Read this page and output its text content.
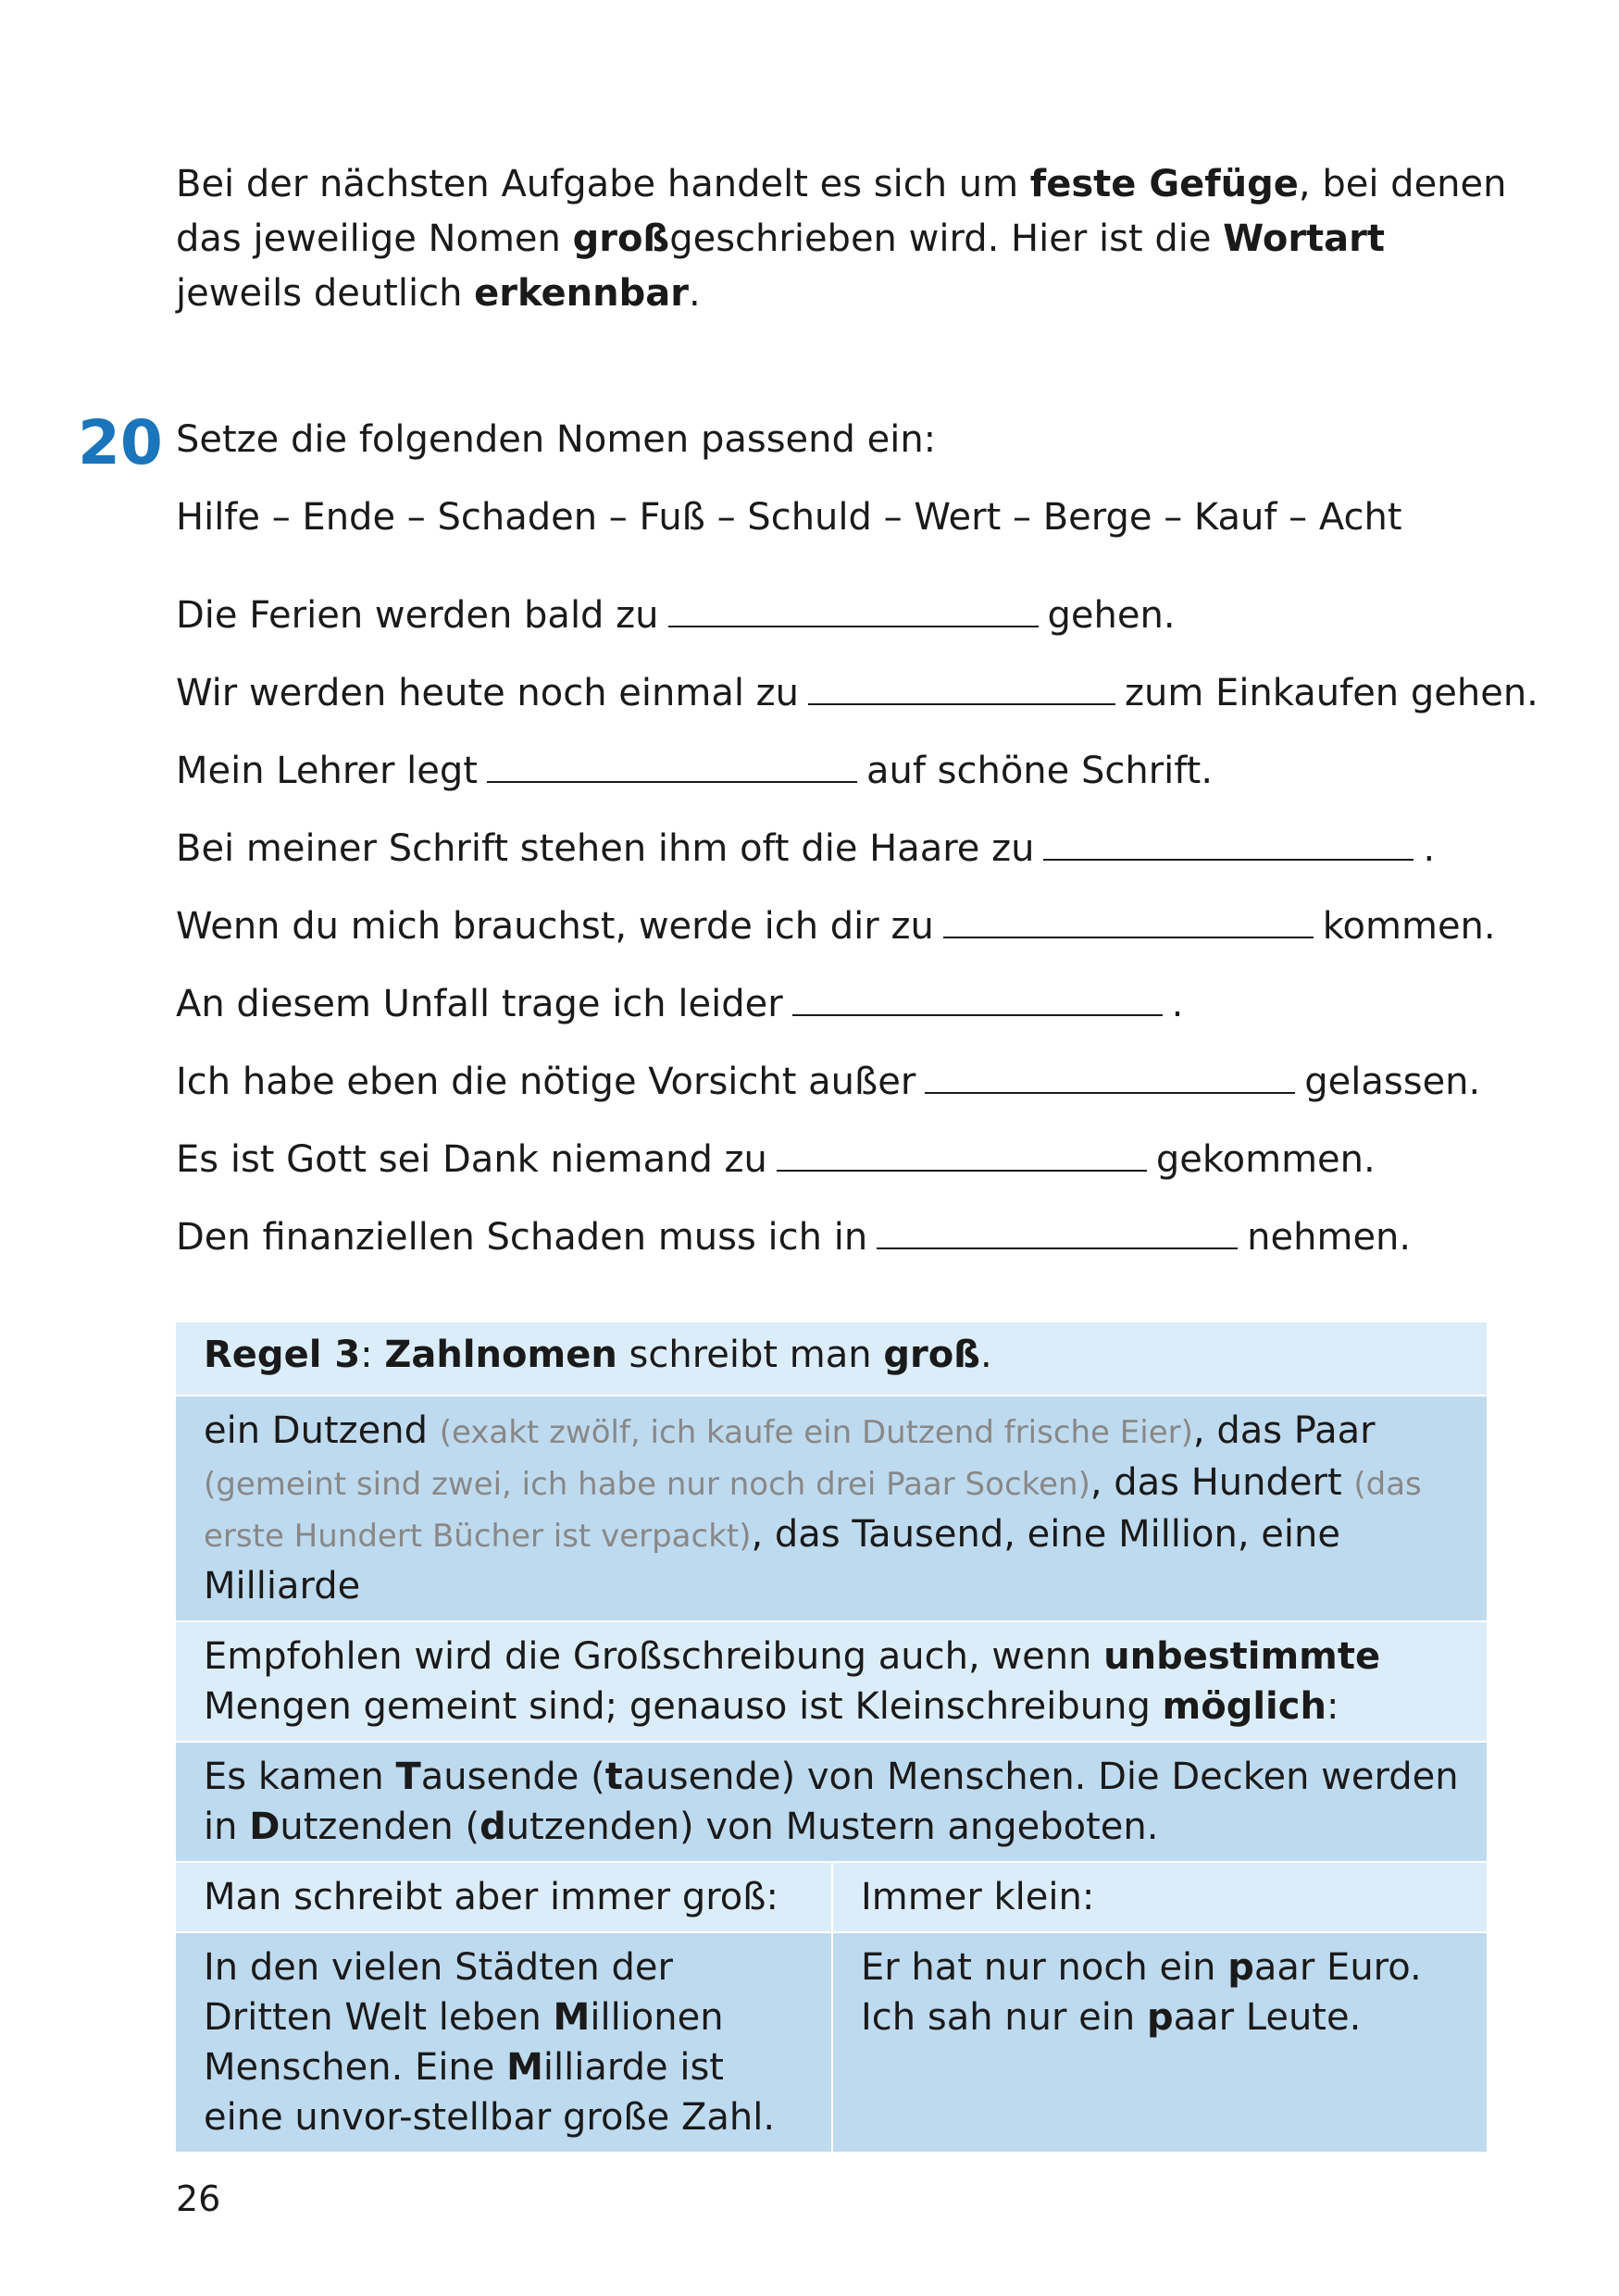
Bei der nächsten Aufgabe handelt es sich um feste Gefüge, bei denen das jeweilige Nomen großgeschrieben wird. Hier ist die Wortart jeweils deutlich erkennbar.
20 Setze die folgenden Nomen passend ein:
Hilfe – Ende – Schaden – Fuß – Schuld – Wert – Berge – Kauf – Acht
Die Ferien werden bald zu	gehen.
Wir werden heute noch einmal zu	zum Einkaufen gehen.
Mein Lehrer legt	auf schöne Schrift.
Bei meiner Schrift stehen ihm oft die Haare zu	.
Wenn du mich brauchst, werde ich dir zu	kommen.
An diesem Unfall trage ich leider	.
Ich habe eben die nötige Vorsicht außer	gelassen.
Es ist Gott sei Dank niemand zu	gekommen.
Den finanziellen Schaden muss ich in	nehmen.
Regel 3: Zahlnomen schreibt man groß.	
ein Dutzend (exakt zwölf, ich kaufe ein Dutzend frische Eier), das Paar (gemeint sind zwei, ich habe nur noch drei Paar Socken), das Hundert (das erste Hundert Bücher ist verpackt), das Tausend, eine Million, eine Milliarde	
Empfohlen wird die Großschreibung auch, wenn unbestimmte Mengen gemeint sind; genauso ist Kleinschreibung möglich:	
Es kamen Tausende (tausende) von Menschen. Die Decken werden in Dutzenden (dutzenden) von Mustern angeboten.	
Man schreibt aber immer groß:	Immer klein:
In den vielen Städten der Dritten Welt leben Millionen Menschen. Eine Milliarde ist eine unvor-stellbar große Zahl.	Er hat nur noch ein paar Euro.
Ich sah nur ein paar Leute.
26
